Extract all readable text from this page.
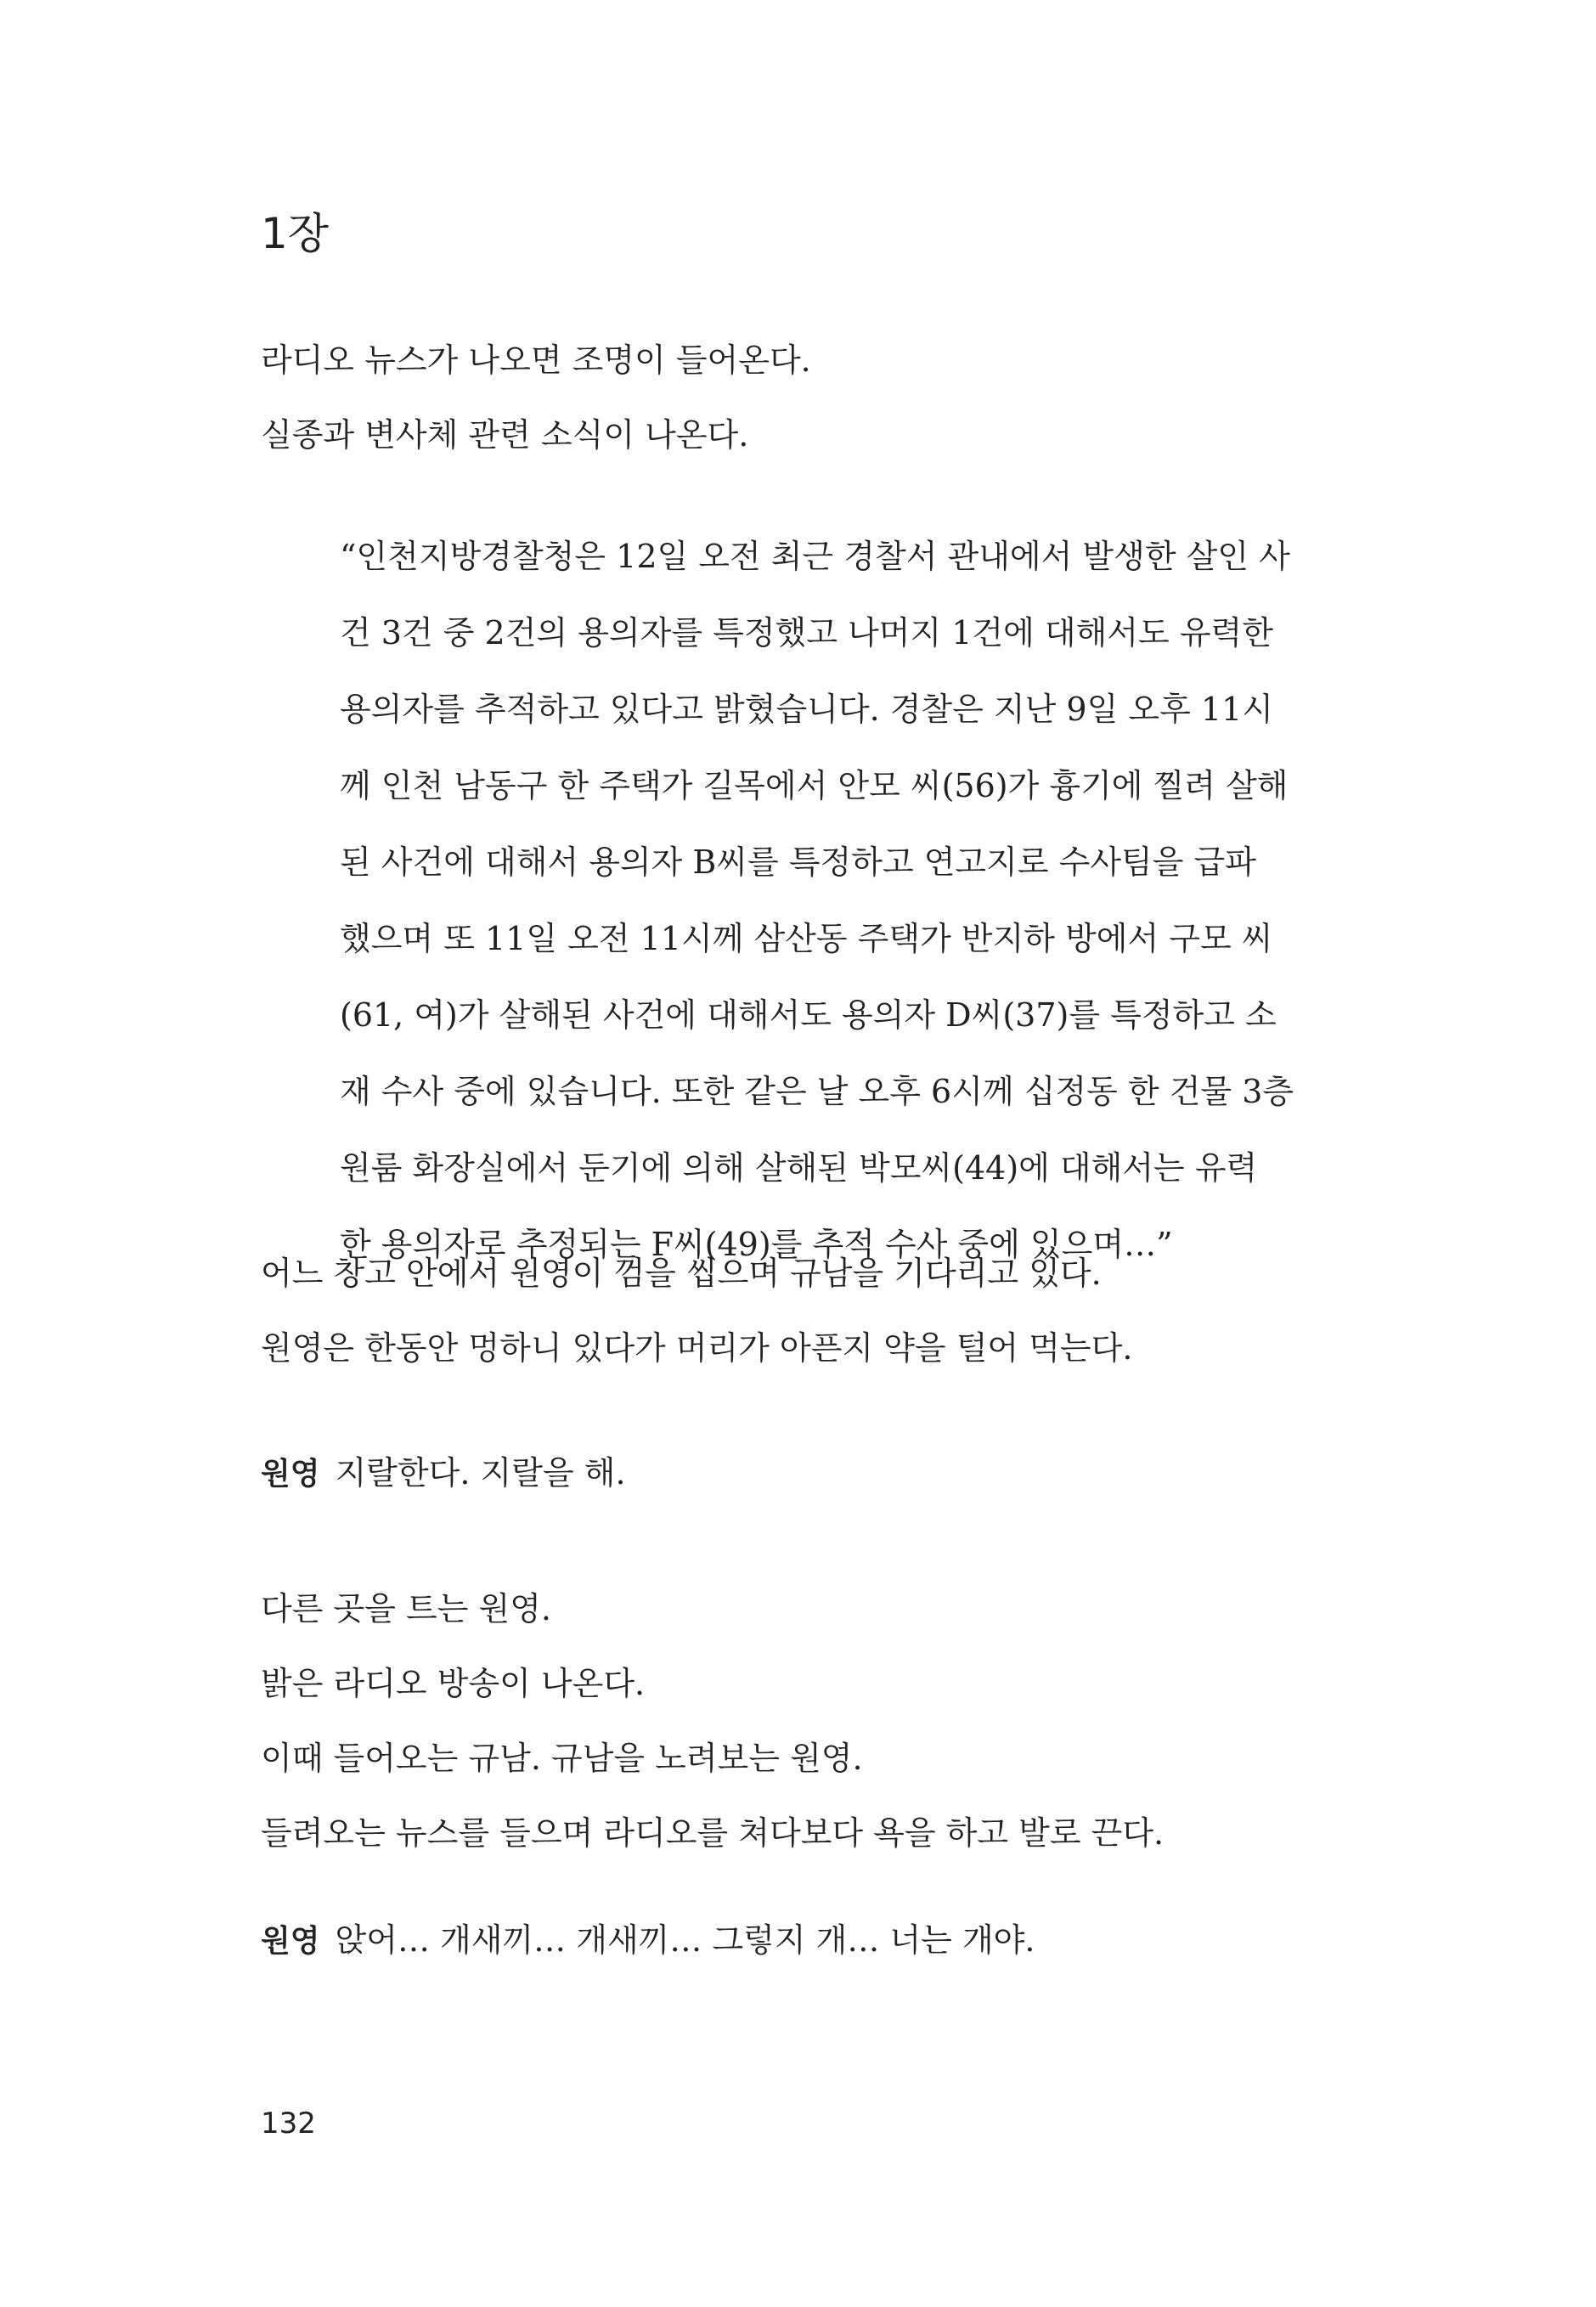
1장

라디오 뉴스가 나오면 조명이 들어온다.

실종과 변사체 관련 소식이 나온다.

“인천지방경찰청은 12일 오전 최근 경찰서 관내에서 발생한 살인 사

건 3건 중 2건의 용의자를 특정했고 나머지 1건에 대해서도 유력한

용의자를 추적하고 있다고 밝혔습니다. 경찰은 지난 9일 오후 11시

께 인천 남동구 한 주택가 길목에서 안모 씨(56)가 흉기에 찔려 살해

된 사건에 대해서 용의자 B씨를 특정하고 연고지로 수사팀을 급파

했으며 또 11일 오전 11시께 삼산동 주택가 반지하 방에서 구모 씨

(61, 여)가 살해된 사건에 대해서도 용의자 D씨(37)를 특정하고 소

재 수사 중에 있습니다. 또한 같은 날 오후 6시께 십정동 한 건물 3층

원룸 화장실에서 둔기에 의해 살해된 박모씨(44)에 대해서는 유력

한 용의자로 추정되는 F씨(49)를 추적 수사 중에 있으며…”

어느 창고 안에서 원영이 껌을 씹으며 규남을 기다리고 있다.

원영은 한동안 멍하니 있다가 머리가 아픈지 약을 털어 먹는다.

원영 지랄한다. 지랄을 해.

다른 곳을 트는 원영.

밝은 라디오 방송이 나온다.

이때 들어오는 규남. 규남을 노려보는 원영.

들려오는 뉴스를 들으며 라디오를 쳐다보다 욕을 하고 발로 끈다.

원영 앉어… 개새끼… 개새끼… 그렇지 개… 너는 개야.
132
